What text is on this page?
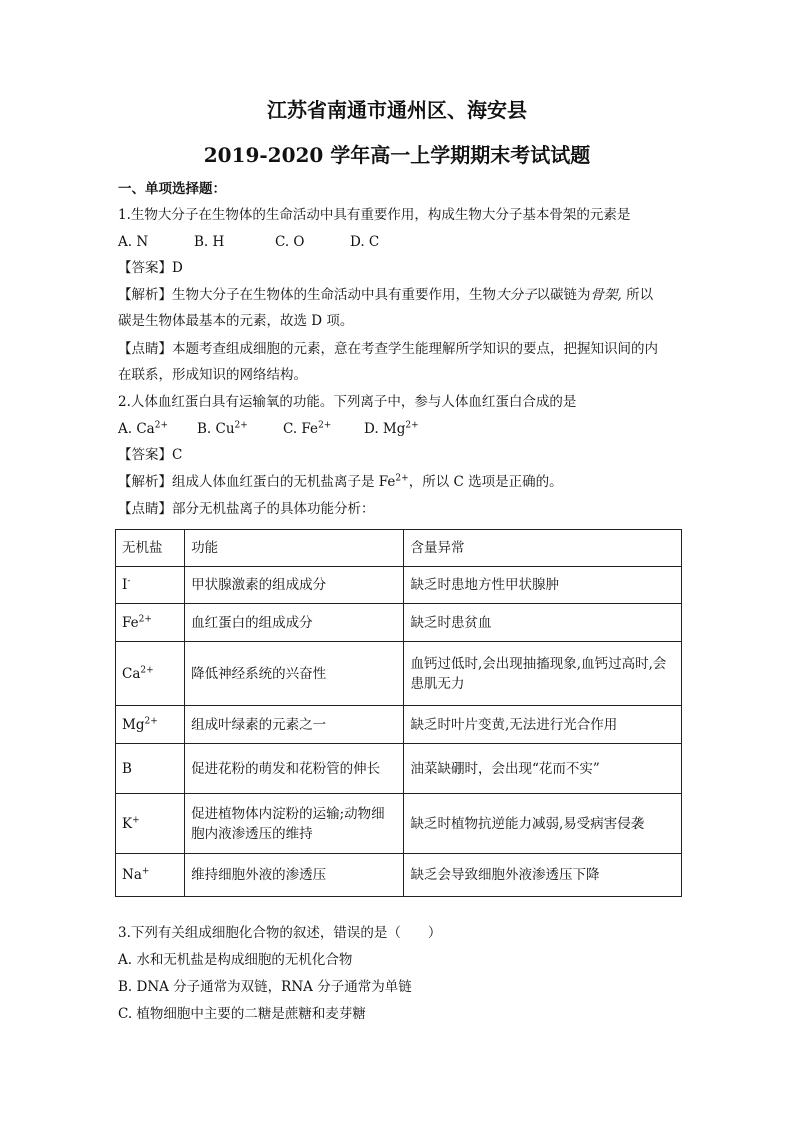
江苏省南通市通州区、海安县
2019-2020 学年高一上学期期末考试试题
一、单项选择题：
1.生物大分子在生物体的生命活动中具有重要作用，构成生物大分子基本骨架的元素是
A. N	B. H	C. O	D. C
【答案】D
【解析】生物大分子在生物体的生命活动中具有重要作用，生物大分子以碳链为骨架, 所以
碳是生物体最基本的元素，故选 D 项。
【点睛】本题考查组成细胞的元素，意在考查学生能理解所学知识的要点，把握知识间的内
在联系，形成知识的网络结构。
2.人体血红蛋白具有运输氧的功能。下列离子中，参与人体血红蛋白合成的是
A. $Ca^{2+}$ B. $Cu^{2+}$	C. $Fe^{2+}$ D. $Mg^{2+}$
【答案】C
【解析】组成人体血红蛋白的无机盐离子是 $Fe^{2+}$，所以 C 选项是正确的。
【点睛】部分无机盐离子的具体功能分析：
无机盐	功能	含量异常
I-	甲状腺激素的组成成分	缺乏时患地方性甲状腺肿
$Fe^{2+}$	血红蛋白的组成成分	缺乏时患贫血
$Ca^{2+}$	降低神经系统的兴奋性	血钙过低时,会出现抽搐现象,血钙过高时,会患肌无力
$Mg^{2+}$	组成叶绿素的元素之一	缺乏时叶片变黄,无法进行光合作用
B	促进花粉的萌发和花粉管的伸长	油菜缺硼时，会出现“花而不实”
K+	促进植物体内淀粉的运输;动物细胞内液渗透压的维持	缺乏时植物抗逆能力减弱,易受病害侵袭
Na+	维持细胞外液的渗透压	缺乏会导致细胞外液渗透压下降
3.下列有关组成细胞化合物的叙述，错误的是（　　）
A. 水和无机盐是构成细胞的无机化合物
B. DNA 分子通常为双链，RNA 分子通常为单链
C. 植物细胞中主要的二糖是蔗糖和麦芽糖
